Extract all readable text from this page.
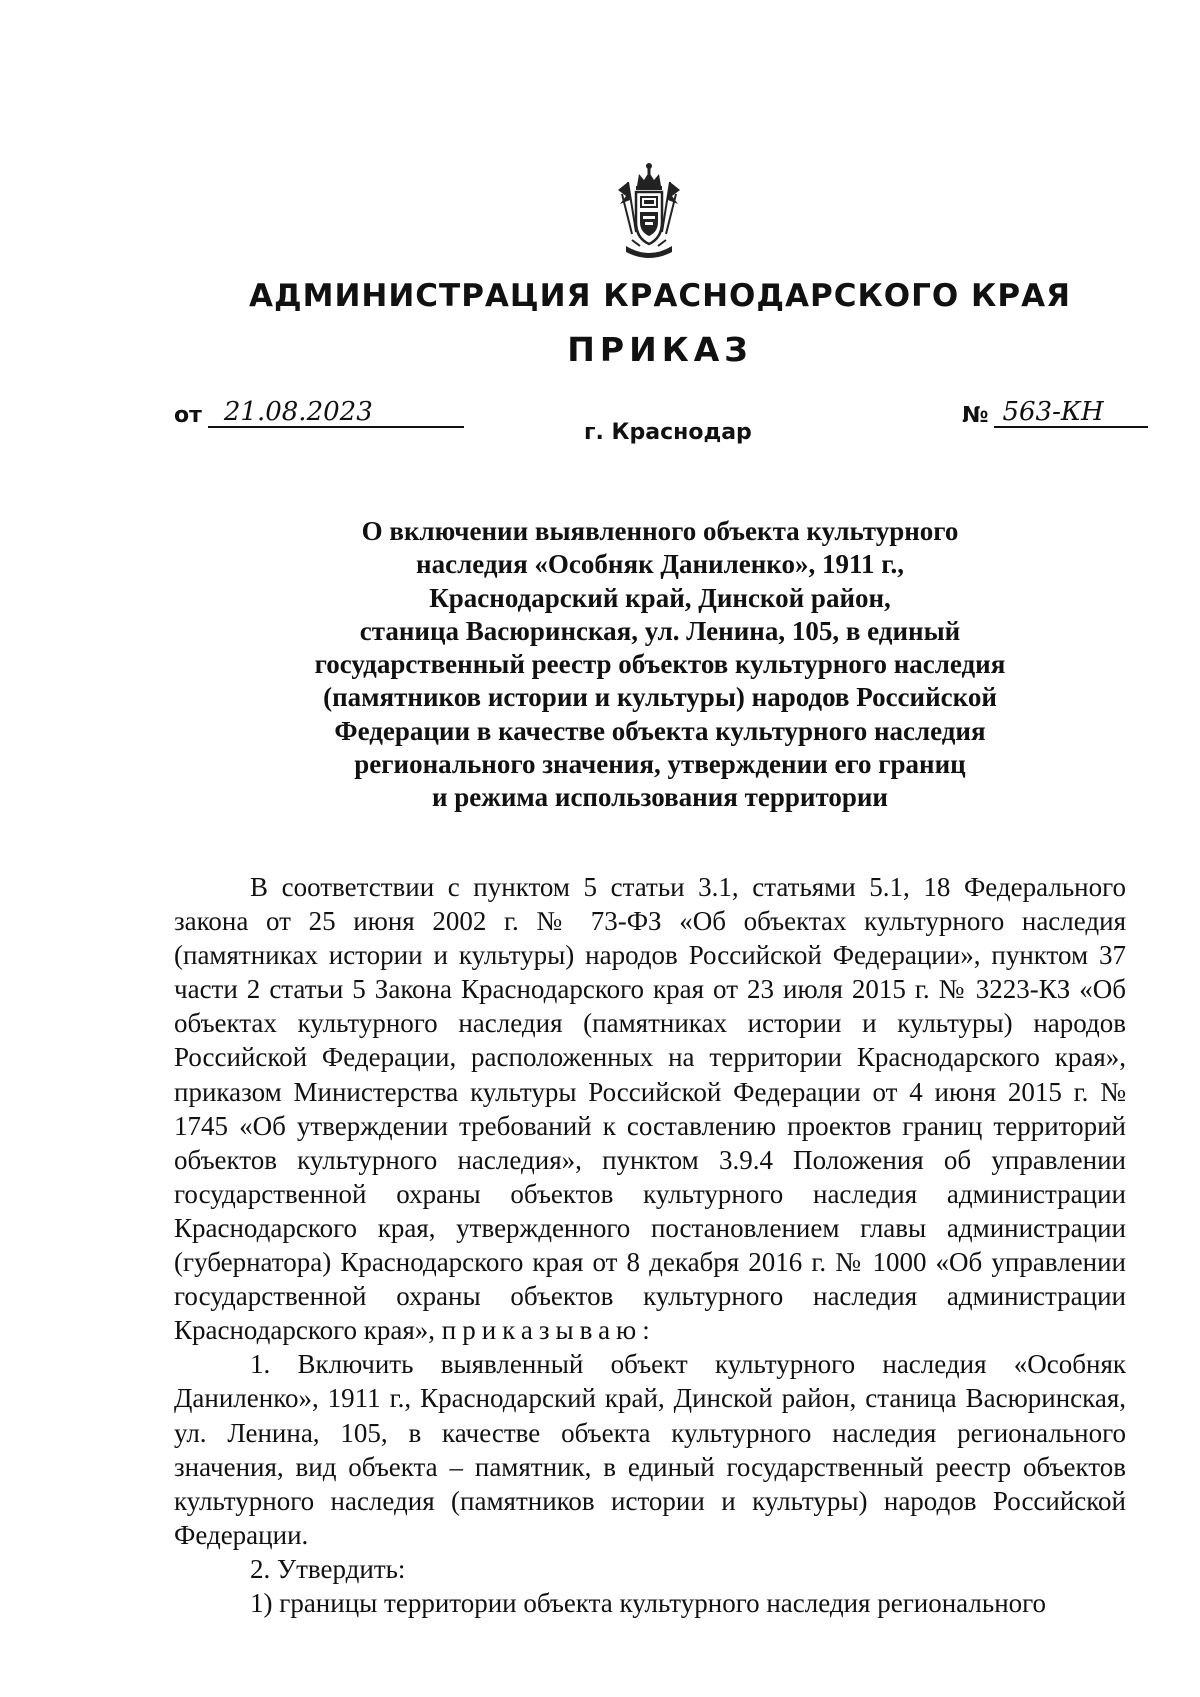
АДМИНИСТРАЦИЯ КРАСНОДАРСКОГО КРАЯ
ПРИКАЗ
от 21.08.2023	№ 563-КН
г. Краснодар
О включении выявленного объекта культурного
наследия «Особняк Даниленко», 1911 г.,
Краснодарский край, Динской район,
станица Васюринская, ул. Ленина, 105, в единый
государственный реестр объектов культурного наследия
(памятников истории и культуры) народов Российской
Федерации в качестве объекта культурного наследия
регионального значения, утверждении его границ
и режима использования территории

В соответствии с пунктом 5 статьи 3.1, статьями 5.1, 18 Федерального закона от 25 июня 2002 г. № 73-ФЗ «Об объектах культурного наследия (памятниках истории и культуры) народов Российской Федерации», пунктом 37 части 2 статьи 5 Закона Краснодарского края от 23 июля 2015 г. № 3223-КЗ «Об объектах культурного наследия (памятниках истории и культуры) народов Российской Федерации, расположенных на территории Краснодарского края», приказом Министерства культуры Российской Федерации от 4 июня 2015 г. № 1745 «Об утверждении требований к составлению проектов границ территорий объектов культурного наследия», пунктом 3.9.4 Положения об управлении государственной охраны объектов культурного наследия администрации Краснодарского края, утвержденного постановлением главы администрации (губернатора) Краснодарского края от 8 декабря 2016 г. № 1000 «Об управлении государственной охраны объектов культурного наследия администрации Краснодарского края», приказываю:

1. Включить выявленный объект культурного наследия «Особняк Даниленко», 1911 г., Краснодарский край, Динской район, станица Васюринская, ул. Ленина, 105, в качестве объекта культурного наследия регионального значения, вид объекта – памятник, в единый государственный реестр объектов культурного наследия (памятников истории и культуры) народов Российской Федерации.

2. Утвердить:

1) границы территории объекта культурного наследия регионального
